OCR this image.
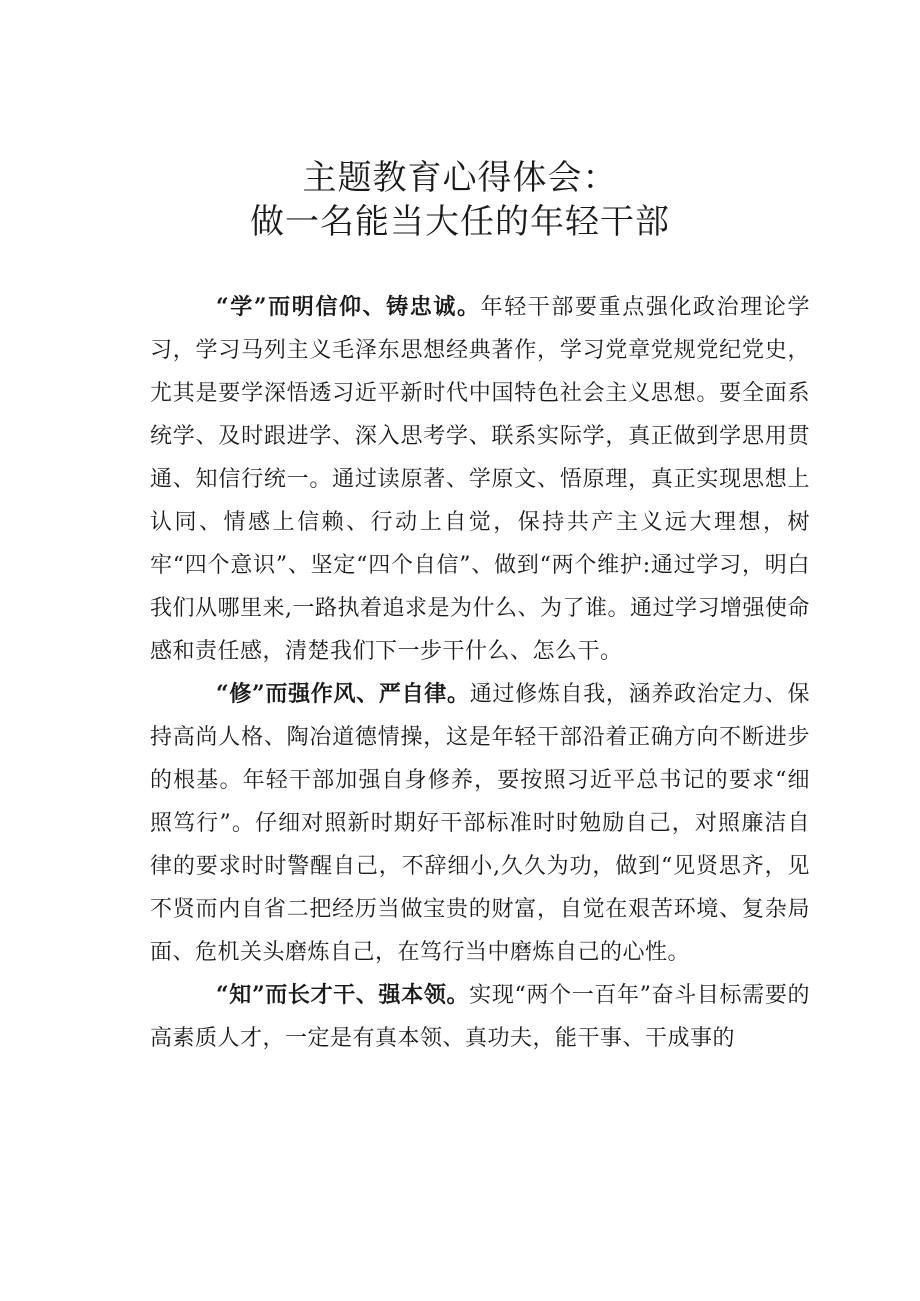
主题教育心得体会：
做一名能当大任的年轻干部

“学”而明信仰、铸忠诚。年轻干部要重点强化政治理论学习，学习马列主义毛泽东思想经典著作，学习党章党规党纪党史，尤其是要学深悟透习近平新时代中国特色社会主义思想。要全面系统学、及时跟进学、深入思考学、联系实际学，真正做到学思用贯通、知信行统一。通过读原著、学原文、悟原理，真正实现思想上认同、情感上信赖、行动上自觉，保持共产主义远大理想，树牢“四个意识”、坚定“四个自信”、做到“两个维护:通过学习，明白我们从哪里来,一路执着追求是为什么、为了谁。通过学习增强使命感和责任感，清楚我们下一步干什么、怎么干。

“修”而强作风、严自律。通过修炼自我，涵养政治定力、保持高尚人格、陶冶道德情操，这是年轻干部沿着正确方向不断进步的根基。年轻干部加强自身修养，要按照习近平总书记的要求“细照笃行”。仔细对照新时期好干部标准时时勉励自己，对照廉洁自律的要求时时警醒自己，不辞细小,久久为功，做到“见贤思齐，见不贤而内自省二把经历当做宝贵的财富，自觉在艰苦环境、复杂局面、危机关头磨炼自己，在笃行当中磨炼自己的心性。

“知”而长才干、强本领。实现“两个一百年”奋斗目标需要的高素质人才，一定是有真本领、真功夫，能干事、干成事的
